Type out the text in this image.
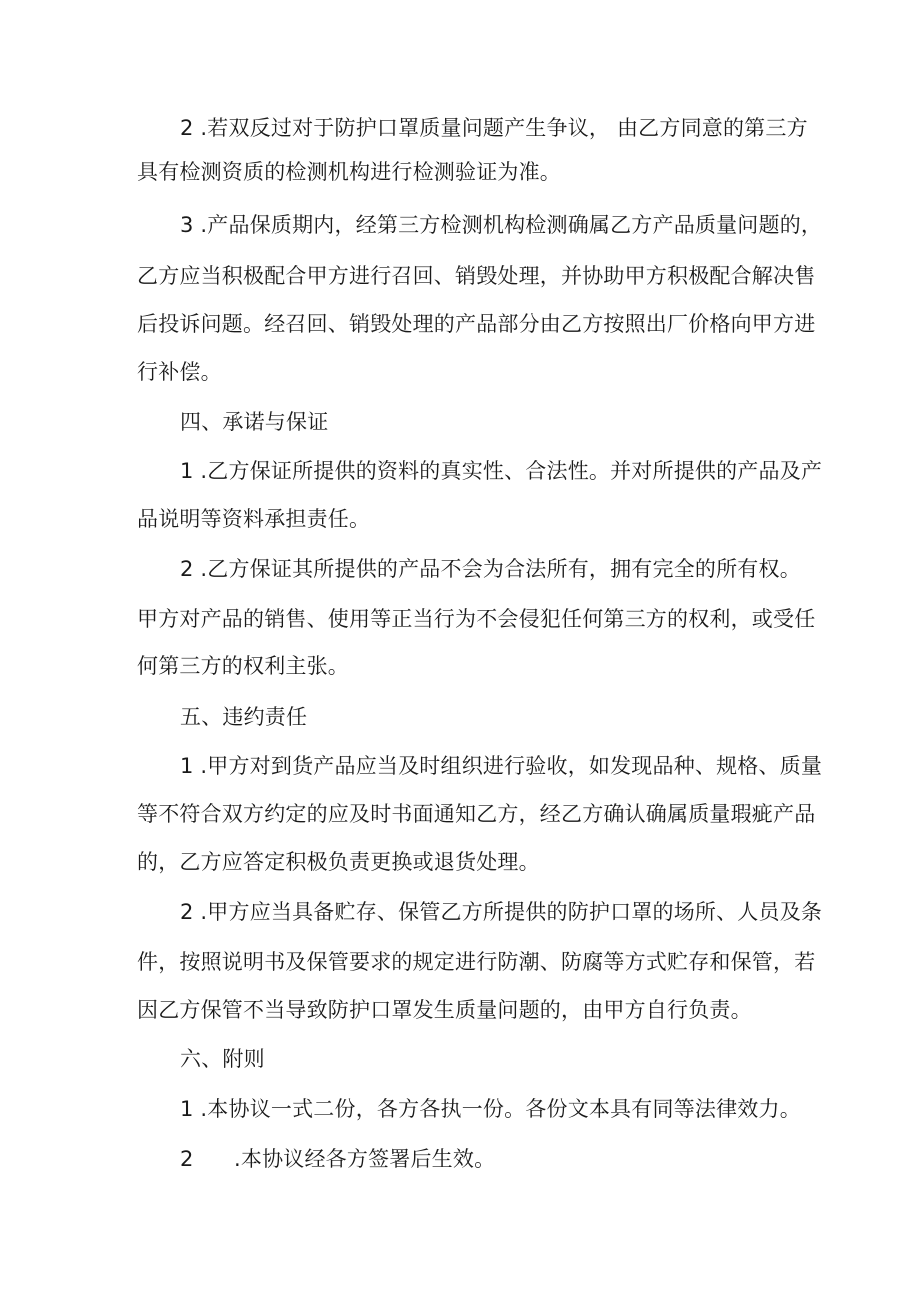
2 .若双反过对于防护口罩质量问题产生争议， 由乙方同意的第三方
具有检测资质的检测机构进行检测验证为准。
3 .产品保质期内，经第三方检测机构检测确属乙方产品质量问题的，
乙方应当积极配合甲方进行召回、销毁处理，并协助甲方积极配合解决售
后投诉问题。经召回、销毁处理的产品部分由乙方按照出厂价格向甲方进
行补偿。
四、承诺与保证
1 .乙方保证所提供的资料的真实性、合法性。并对所提供的产品及产
品说明等资料承担责任。
2 .乙方保证其所提供的产品不会为合法所有，拥有完全的所有权。
甲方对产品的销售、使用等正当行为不会侵犯任何第三方的权利，或受任
何第三方的权利主张。
五、违约责任
1 .甲方对到货产品应当及时组织进行验收，如发现品种、规格、质量
等不符合双方约定的应及时书面通知乙方，经乙方确认确属质量瑕疵产品
的，乙方应答定积极负责更换或退货处理。
2 .甲方应当具备贮存、保管乙方所提供的防护口罩的场所、人员及条
件，按照说明书及保管要求的规定进行防潮、防腐等方式贮存和保管，若
因乙方保管不当导致防护口罩发生质量问题的，由甲方自行负责。
六、附则
1 .本协议一式二份，各方各执一份。各份文本具有同等法律效力。
2 .本协议经各方签署后生效。
